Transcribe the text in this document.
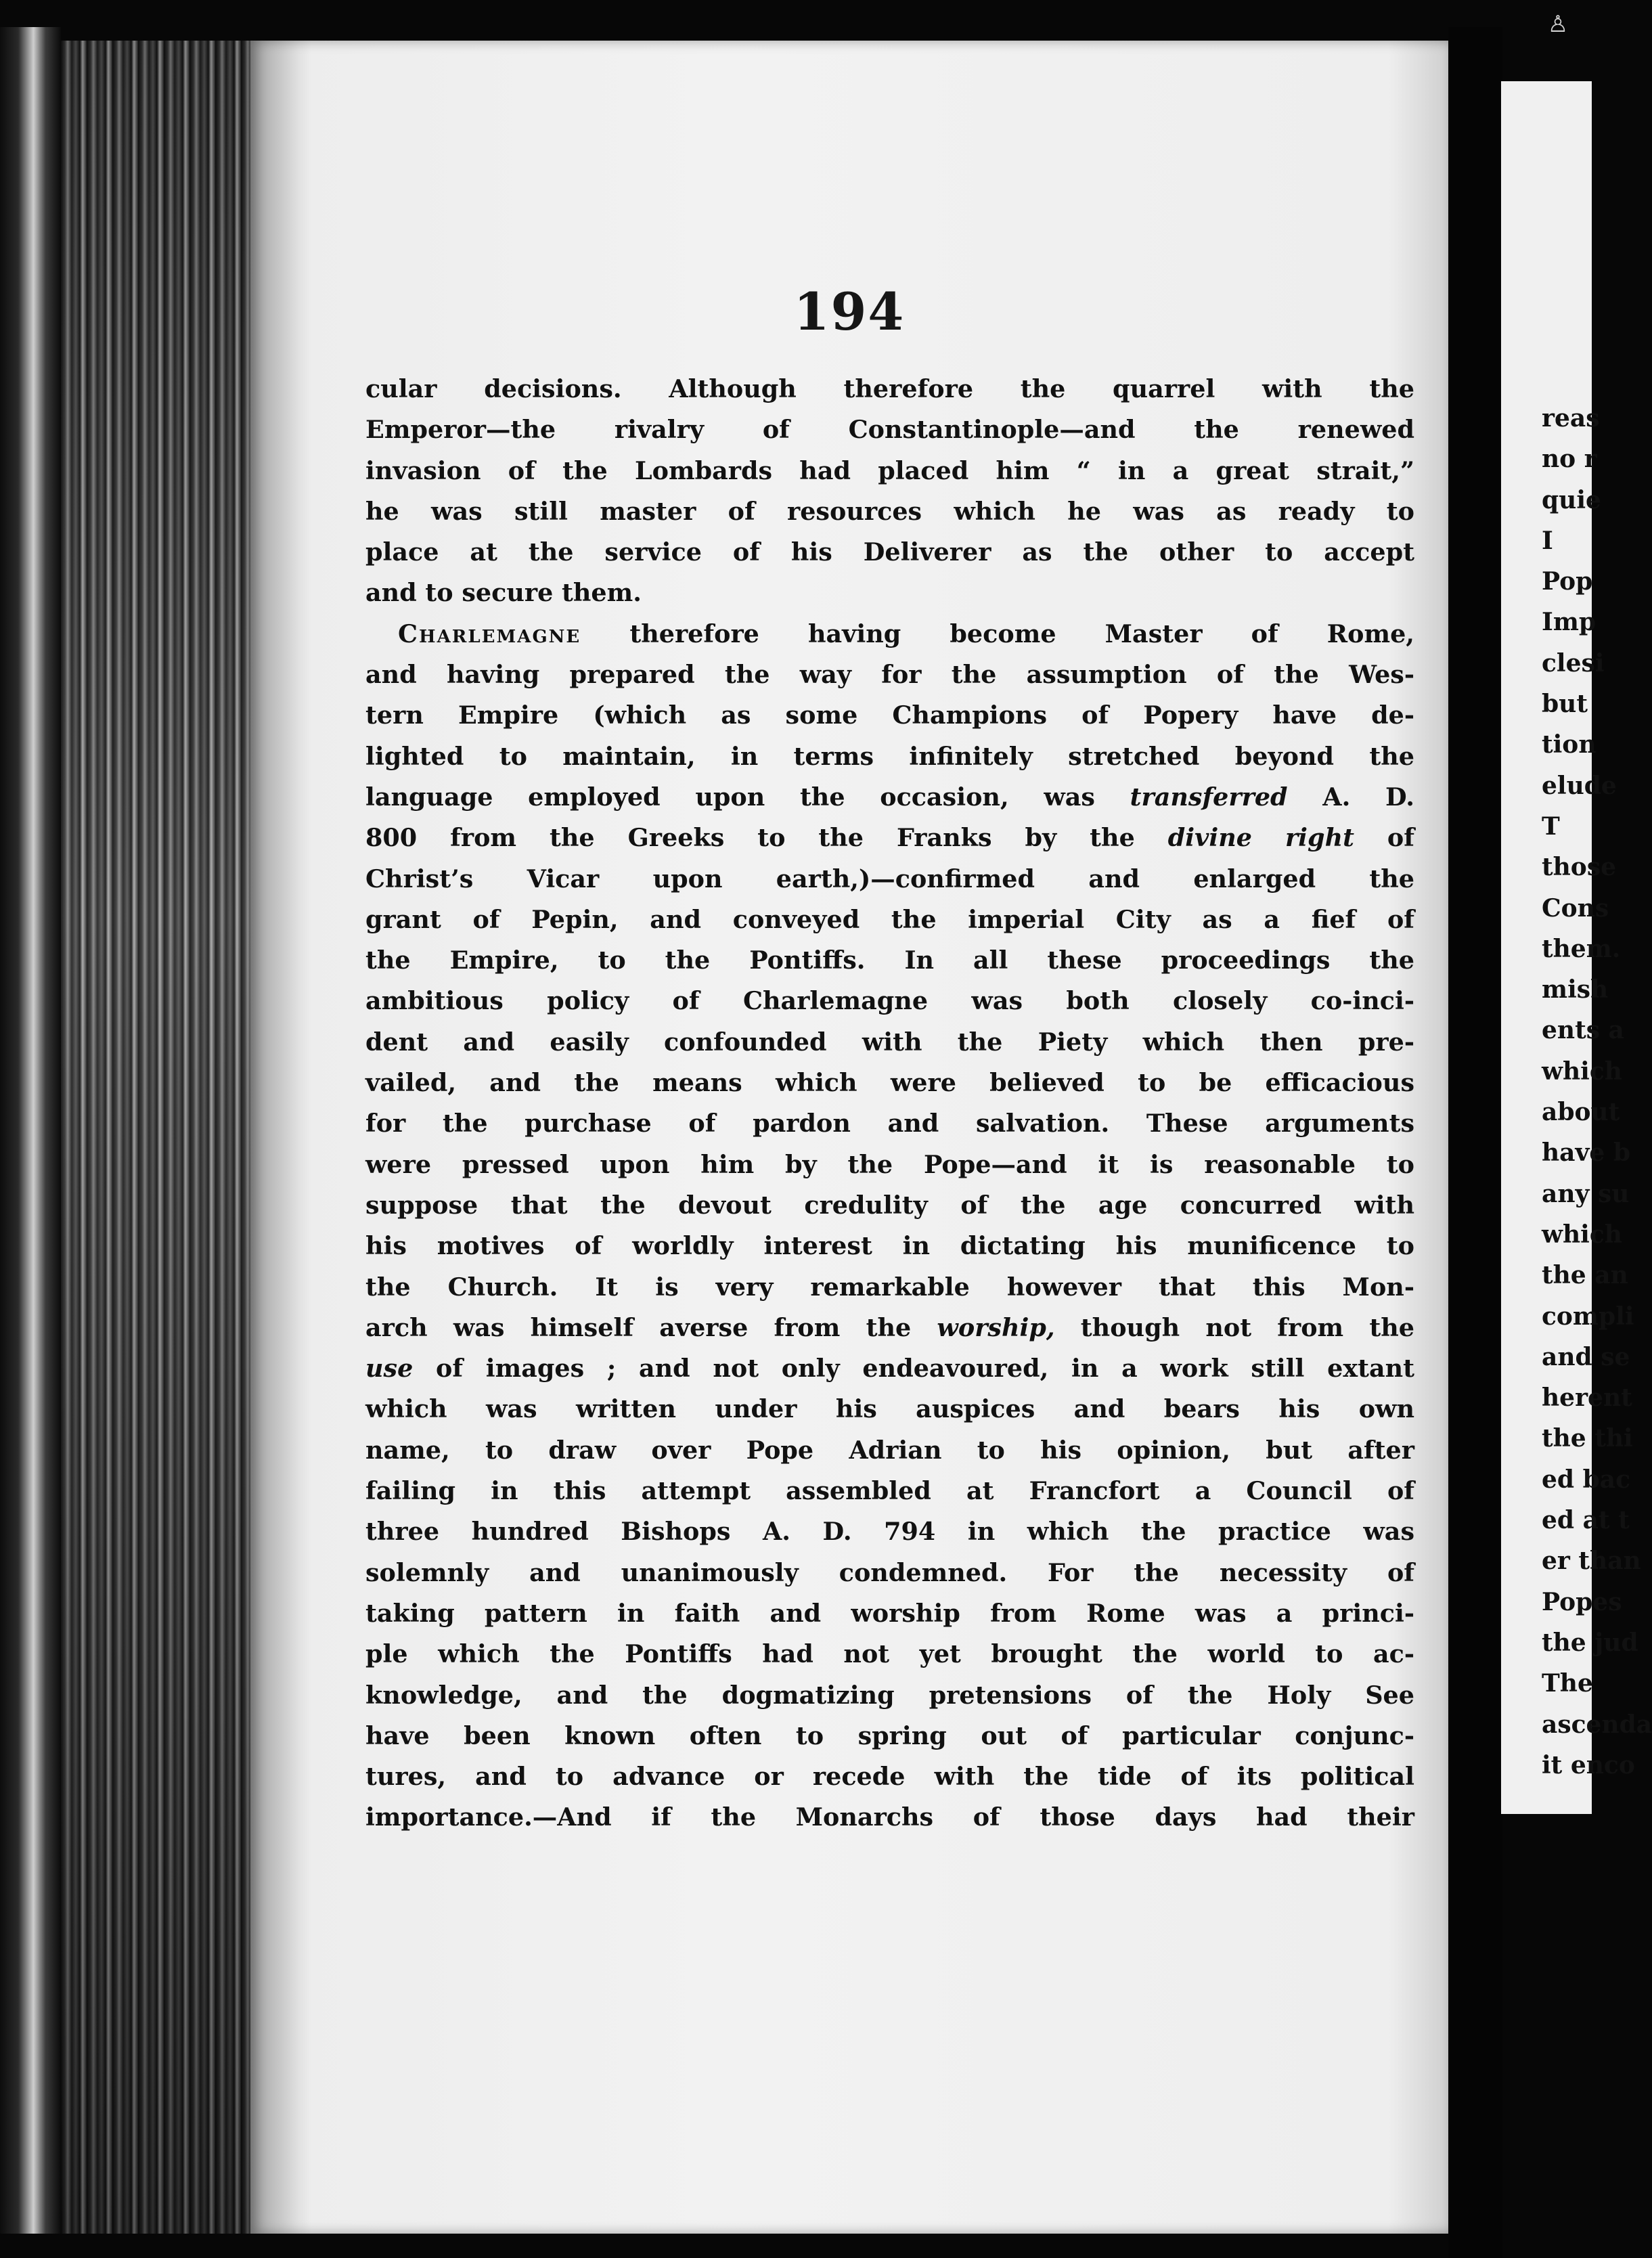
194
cular decisions. Although therefore the quarrel with the
Emperor—the rivalry of Constantinople—and the renewed
invasion of the Lombards had placed him “ in a great strait,”
he was still master of resources which he was as ready to
place at the service of his Deliverer as the other to accept
and to secure them.
Charlemagne therefore having become Master of Rome,
and having prepared the way for the assumption of the Wes-
tern Empire (which as some Champions of Popery have de-
lighted to maintain, in terms infinitely stretched beyond the
language employed upon the occasion, was transferred A. D.
800 from the Greeks to the Franks by the divine right of
Christ’s Vicar upon earth,)—confirmed and enlarged the
grant of Pepin, and conveyed the imperial City as a fief of
the Empire, to the Pontiffs. In all these proceedings the
ambitious policy of Charlemagne was both closely co-inci-
dent and easily confounded with the Piety which then pre-
vailed, and the means which were believed to be efficacious
for the purchase of pardon and salvation. These arguments
were pressed upon him by the Pope—and it is reasonable to
suppose that the devout credulity of the age concurred with
his motives of worldly interest in dictating his munificence to
the Church. It is very remarkable however that this Mon-
arch was himself averse from the worship, though not from the
use of images ; and not only endeavoured, in a work still extant
which was written under his auspices and bears his own
name, to draw over Pope Adrian to his opinion, but after
failing in this attempt assembled at Francfort a Council of
three hundred Bishops A. D. 794 in which the practice was
solemnly and unanimously condemned. For the necessity of
taking pattern in faith and worship from Rome was a princi-
ple which the Pontiffs had not yet brought the world to ac-
knowledge, and the dogmatizing pretensions of the Holy See
have been known often to spring out of particular conjunc-
tures, and to advance or recede with the tide of its political
importance.—And if the Monarchs of those days had their
reas
no r
quie
I
Pop
Imp
clesi
but
tion
elude
T
those
Cons
them.
mish
ents a
which
about
have b
any su
which
the an
compli
and se
herent
the thi
ed bac
ed at t
er than
Popes
the jud
The
ascenda
it enco
♙
